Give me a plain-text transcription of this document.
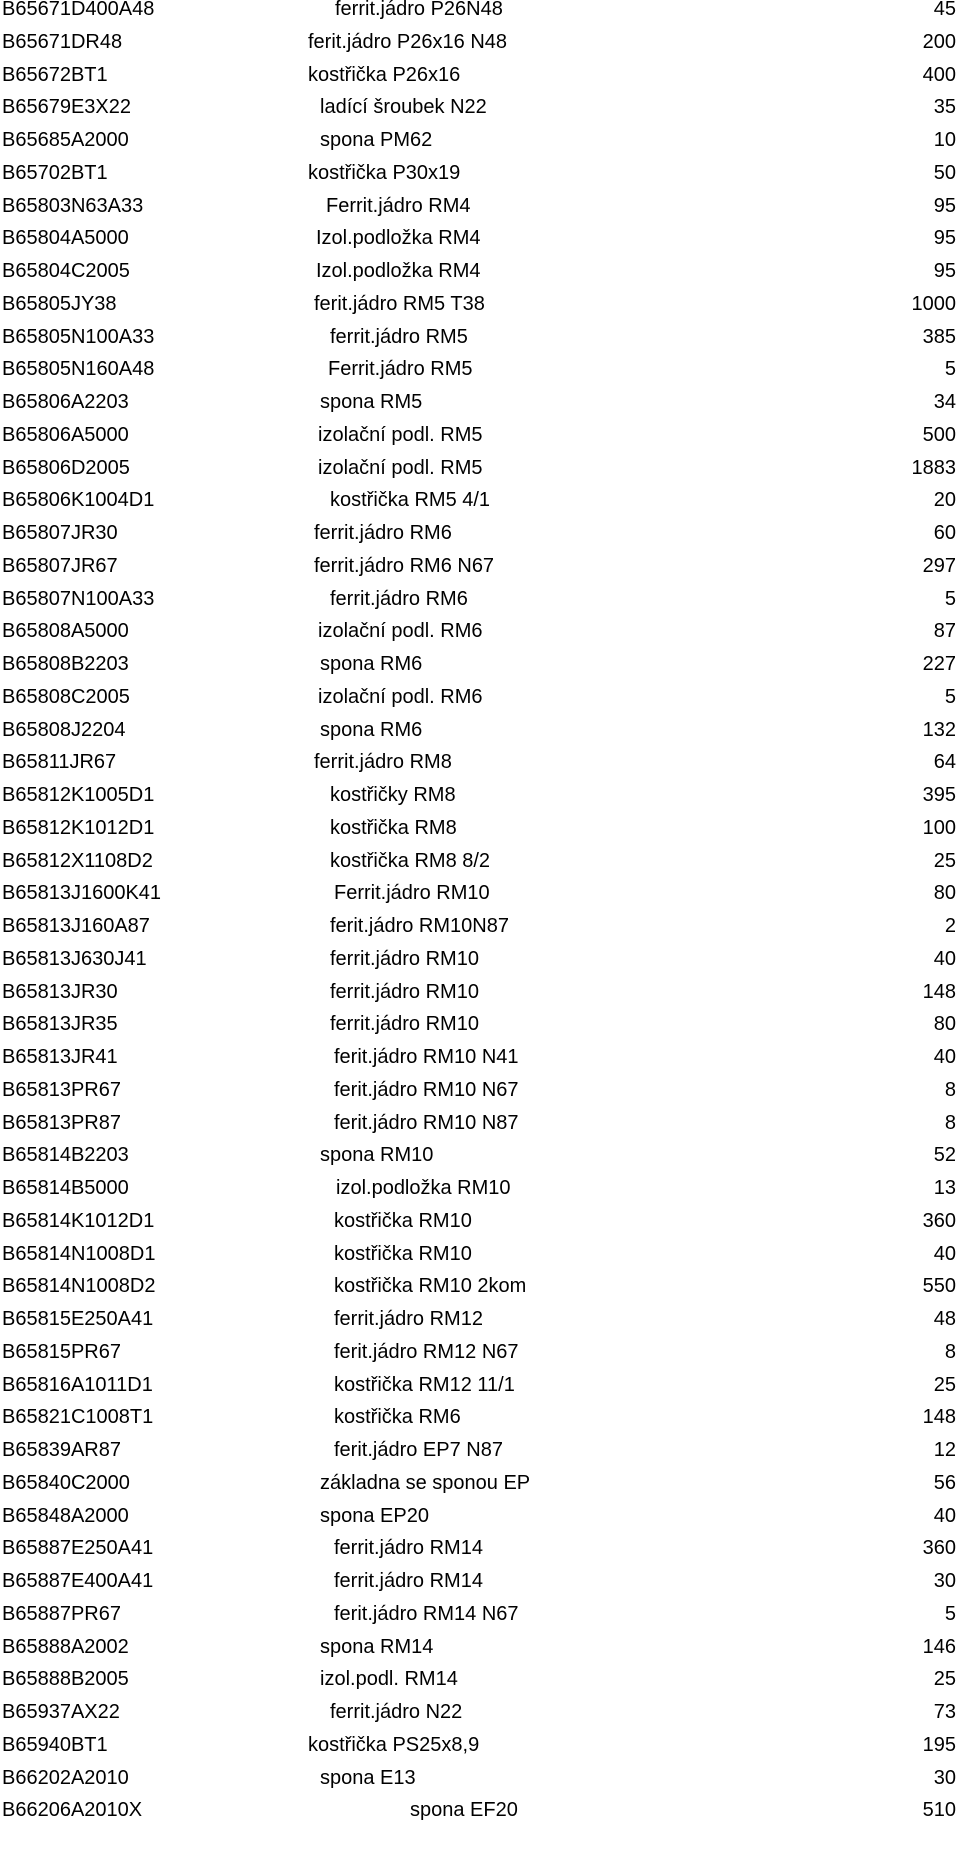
B65671D400A48	ferrit.jádro P26N48	45
B65671DR48	ferit.jádro P26x16 N48	200
B65672BT1	kostřička P26x16	400
B65679E3X22	ladící šroubek N22	35
B65685A2000	spona PM62	10
B65702BT1	kostřička P30x19	50
B65803N63A33	Ferrit.jádro RM4	95
B65804A5000	Izol.podložka RM4	95
B65804C2005	Izol.podložka RM4	95
B65805JY38	ferit.jádro RM5 T38	1000
B65805N100A33	ferrit.jádro RM5	385
B65805N160A48	Ferrit.jádro RM5	5
B65806A2203	spona RM5	34
B65806A5000	izolační podl. RM5	500
B65806D2005	izolační podl. RM5	1883
B65806K1004D1	kostřička RM5 4/1	20
B65807JR30	ferrit.jádro RM6	60
B65807JR67	ferrit.jádro RM6 N67	297
B65807N100A33	ferrit.jádro RM6	5
B65808A5000	izolační podl. RM6	87
B65808B2203	spona RM6	227
B65808C2005	izolační podl. RM6	5
B65808J2204	spona RM6	132
B65811JR67	ferrit.jádro RM8	64
B65812K1005D1	kostřičky RM8	395
B65812K1012D1	kostřička RM8	100
B65812X1108D2	kostřička RM8 8/2	25
B65813J1600K41	Ferrit.jádro RM10	80
B65813J160A87	ferit.jádro RM10N87	2
B65813J630J41	ferrit.jádro RM10	40
B65813JR30	ferrit.jádro RM10	148
B65813JR35	ferrit.jádro RM10	80
B65813JR41	ferit.jádro RM10 N41	40
B65813PR67	ferit.jádro RM10 N67	8
B65813PR87	ferit.jádro RM10 N87	8
B65814B2203	spona RM10	52
B65814B5000	izol.podložka RM10	13
B65814K1012D1	kostřička RM10	360
B65814N1008D1	kostřička RM10	40
B65814N1008D2	kostřička RM10 2kom	550
B65815E250A41	ferrit.jádro RM12	48
B65815PR67	ferit.jádro RM12 N67	8
B65816A1011D1	kostřička RM12 11/1	25
B65821C1008T1	kostřička RM6	148
B65839AR87	ferit.jádro EP7 N87	12
B65840C2000	základna se sponou EP	56
B65848A2000	spona EP20	40
B65887E250A41	ferrit.jádro RM14	360
B65887E400A41	ferrit.jádro RM14	30
B65887PR67	ferit.jádro RM14 N67	5
B65888A2002	spona RM14	146
B65888B2005	izol.podl. RM14	25
B65937AX22	ferrit.jádro N22	73
B65940BT1	kostřička PS25x8,9	195
B66202A2010	spona E13	30
B66206A2010X	spona EF20	510
